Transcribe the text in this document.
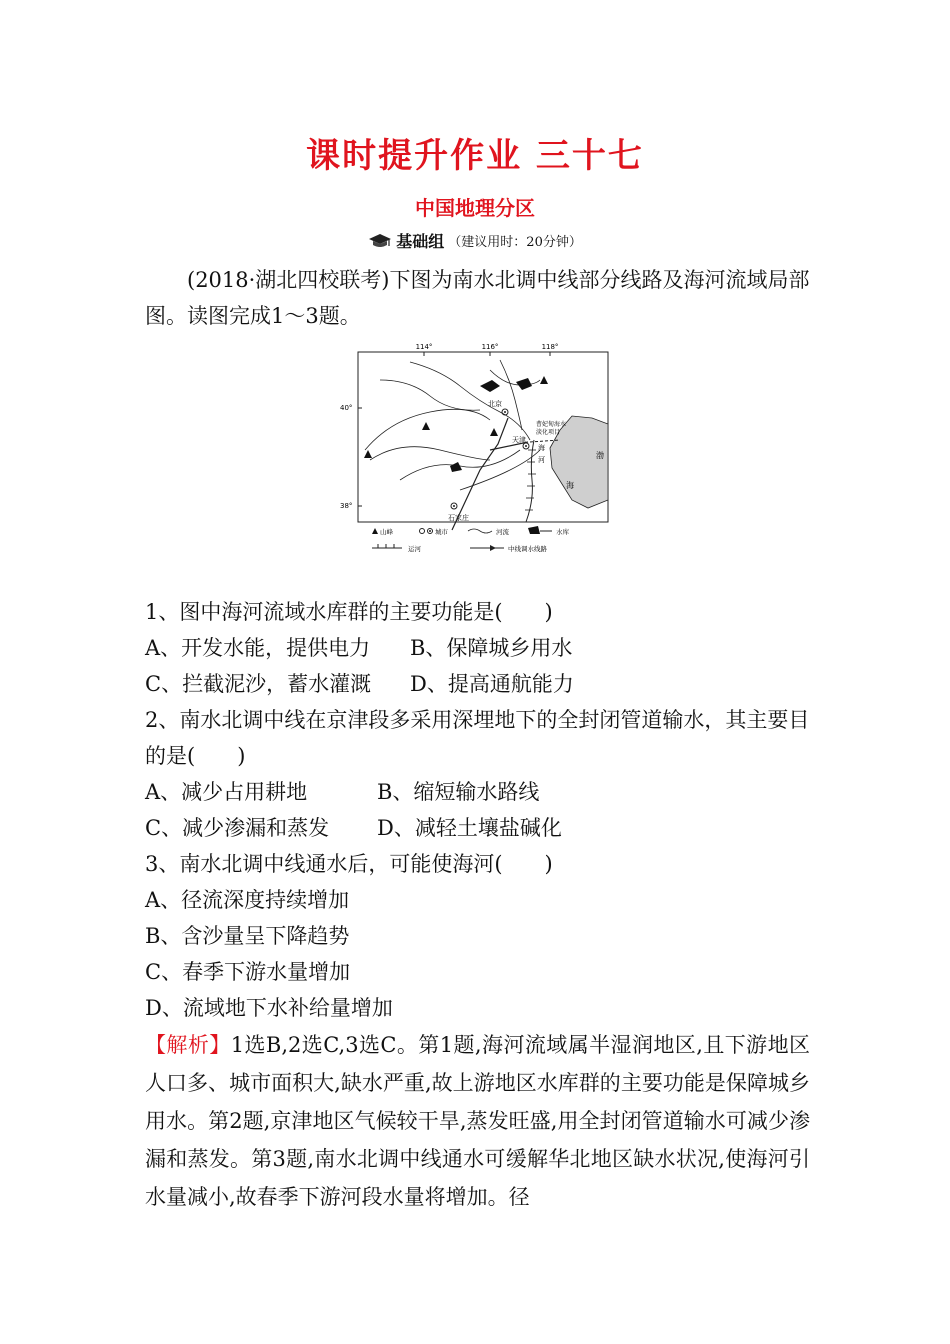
课时提升作业 三十七
中国地理分区
基础组 （建议用时：20分钟）
(2018·湖北四校联考)下图为南水北调中线部分线路及海河流域局部图。读图完成1～3题。
114°	116°	118°
40°
38°
渤
海
北京
天津
石家庄
曹妃甸海水
淡化项目
海
河
山峰	城市	河流	水库
运河	中线调水线路
1、图中海河流域水库群的主要功能是(　　)
A、开发水能，提供电力 B、保障城乡用水
C、拦截泥沙，蓄水灌溉 D、提高通航能力
2、南水北调中线在京津段多采用深埋地下的全封闭管道输水，其主要目的是(　　)
A、减少占用耕地	B、缩短输水路线
C、减少渗漏和蒸发 D、减轻土壤盐碱化
3、南水北调中线通水后，可能使海河(　　)
A、径流深度持续增加
B、含沙量呈下降趋势
C、春季下游水量增加
D、流域地下水补给量增加
【解析】1选B,2选C,3选C。第1题,海河流域属半湿润地区,且下游地区人口多、城市面积大,缺水严重,故上游地区水库群的主要功能是保障城乡用水。第2题,京津地区气候较干旱,蒸发旺盛,用全封闭管道输水可减少渗漏和蒸发。第3题,南水北调中线通水可缓解华北地区缺水状况,使海河引水量减小,故春季下游河段水量将增加。径
